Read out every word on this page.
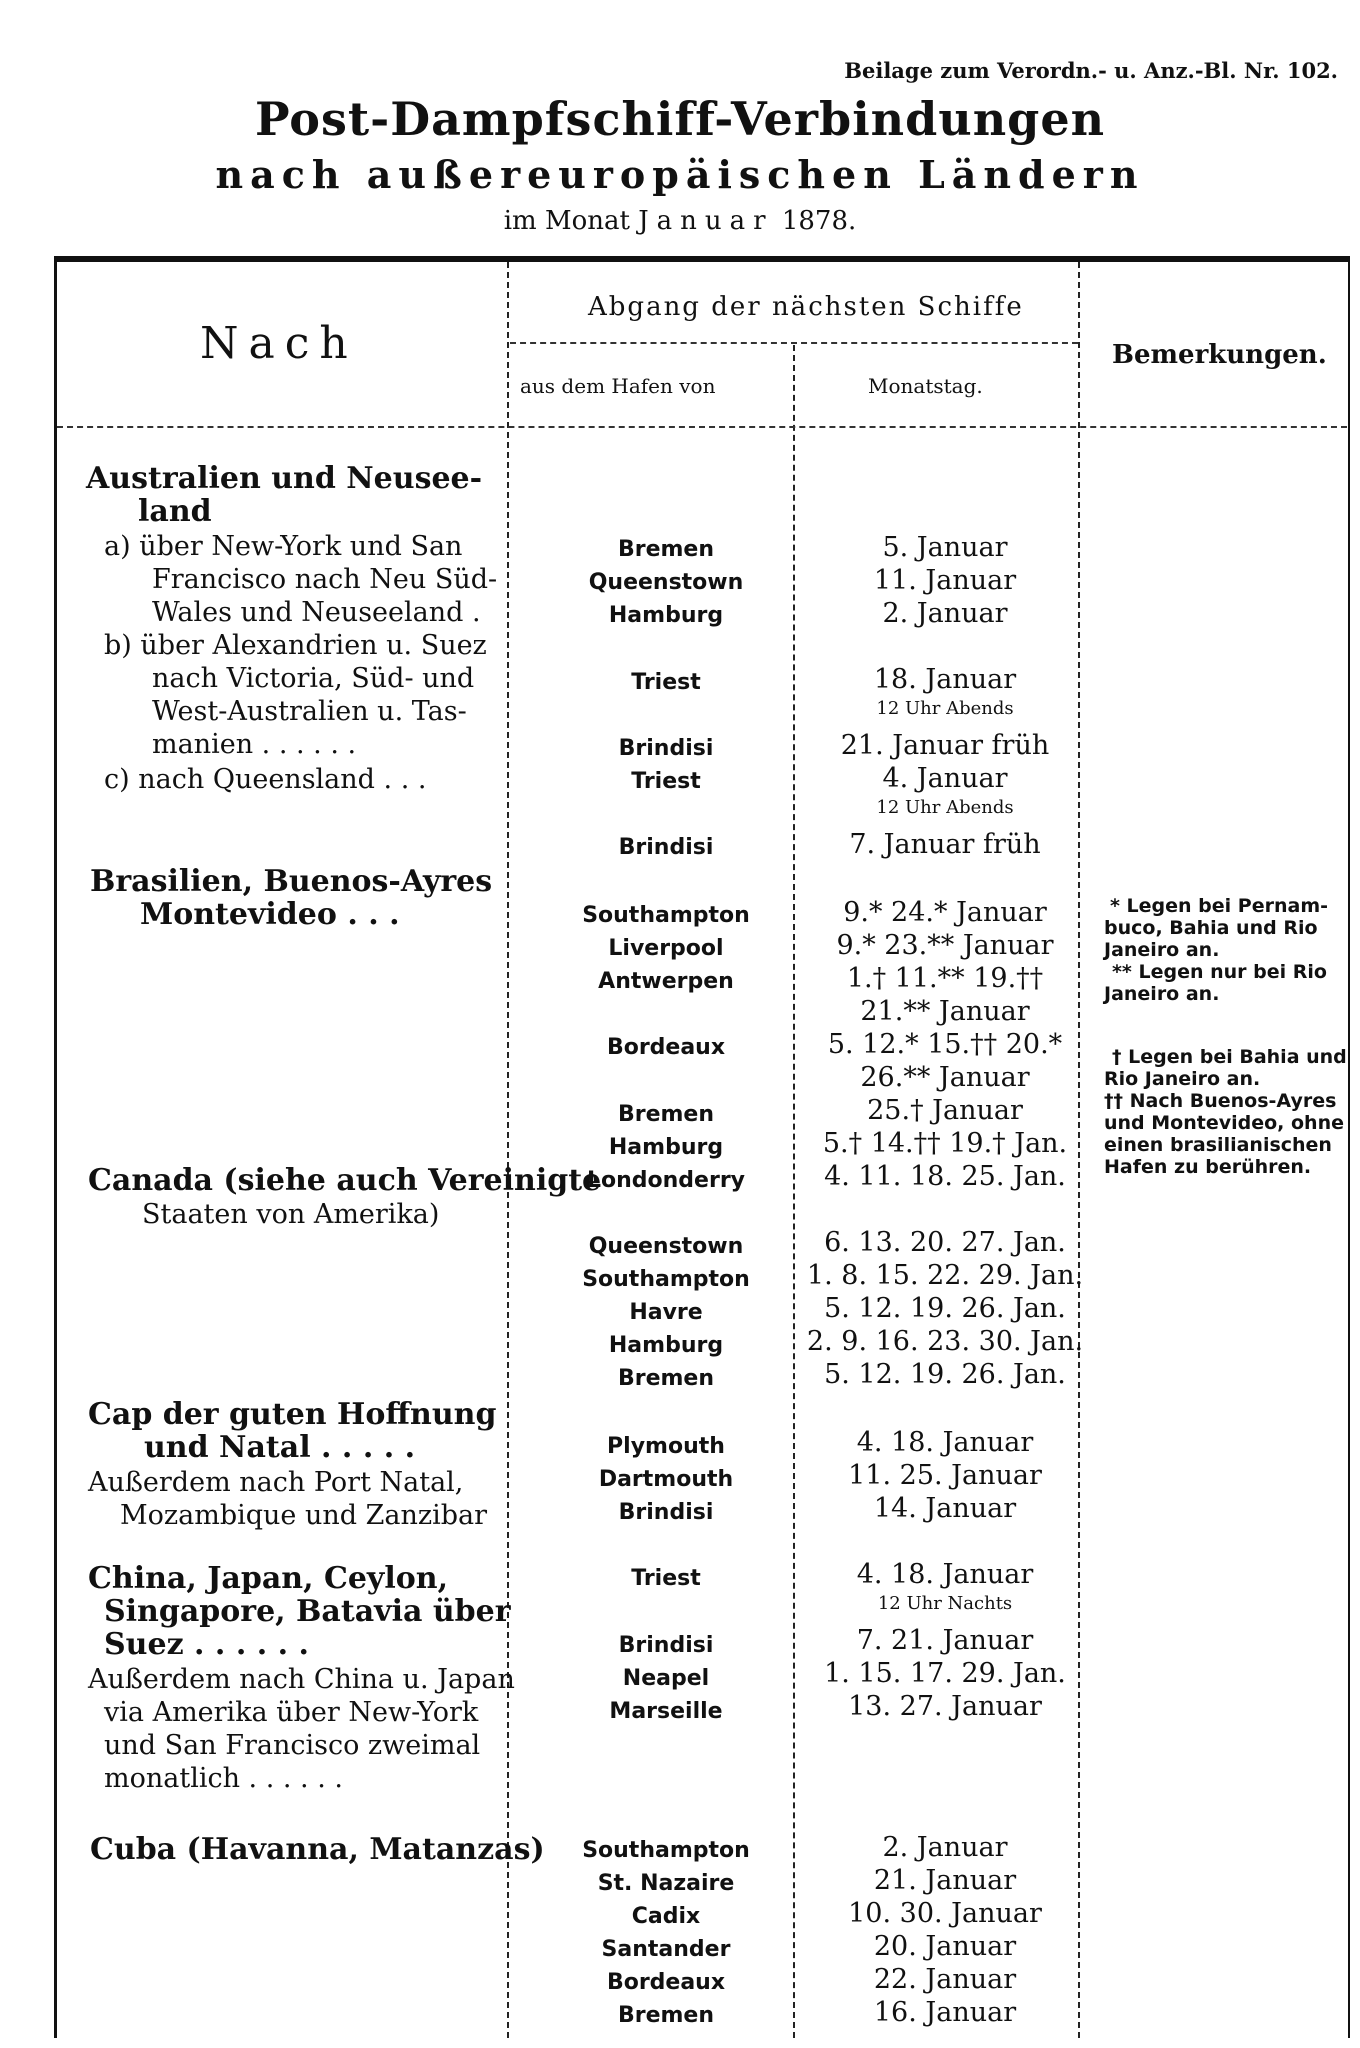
Beilage zum Verordn.- u. Anz.-Bl. Nr. 102.
Post-Dampfschiff-Verbindungen
nach außereuropäischen Ländern
im Monat Januar 1878.
Nach
Abgang der nächsten Schiffe
aus dem Hafen von	Monatstag.
Bemerkungen.
Australien und Neusee-
land
a) über New-York und San
Francisco nach Neu Süd-
Wales und Neuseeland .
b) über Alexandrien u. Suez
nach Victoria, Süd- und
West-Australien u. Tas-
manien . . . . . .
c) nach Queensland . . .
Brasilien, Buenos-Ayres
Montevideo . . .
Canada (siehe auch Vereinigte
Staaten von Amerika)
Cap der guten Hoffnung
und Natal . . . . .
Außerdem nach Port Natal,
Mozambique und Zanzibar
China, Japan, Ceylon,
Singapore, Batavia über
Suez . . . . . .
Außerdem nach China u. Japan
via Amerika über New-York
und San Francisco zweimal
monatlich . . . . . .
Cuba (Havanna, Matanzas)
Bremen
Queenstown
Hamburg
Triest
Brindisi
Triest
Brindisi
Southampton
Liverpool
Antwerpen
Bordeaux
Bremen
Hamburg
Londonderry
Queenstown
Southampton
Havre
Hamburg
Bremen
Plymouth
Dartmouth
Brindisi
Triest
Brindisi
Neapel
Marseille
Southampton
St. Nazaire
Cadix
Santander
Bordeaux
Bremen
5. Januar
11. Januar
2. Januar
18. Januar
12 Uhr Abends
21. Januar früh
4. Januar
12 Uhr Abends
7. Januar früh
9.* 24.* Januar
9.* 23.** Januar
1.† 11.** 19.††
21.** Januar
5. 12.* 15.†† 20.*
26.** Januar
25.† Januar
5.† 14.†† 19.† Jan.
4. 11. 18. 25. Jan.
6. 13. 20. 27. Jan.
1. 8. 15. 22. 29. Jan.
5. 12. 19. 26. Jan.
2. 9. 16. 23. 30. Jan.
5. 12. 19. 26. Jan.
4. 18. Januar
11. 25. Januar
14. Januar
4. 18. Januar
12 Uhr Nachts
7. 21. Januar
1. 15. 17. 29. Jan.
13. 27. Januar
2. Januar
21. Januar
10. 30. Januar
20. Januar
22. Januar
16. Januar
* Legen bei Pernam-
buco, Bahia und Rio
Janeiro an.
** Legen nur bei Rio
Janeiro an.
† Legen bei Bahia und
Rio Janeiro an.
†† Nach Buenos-Ayres
und Montevideo, ohne
einen brasilianischen
Hafen zu berühren.
